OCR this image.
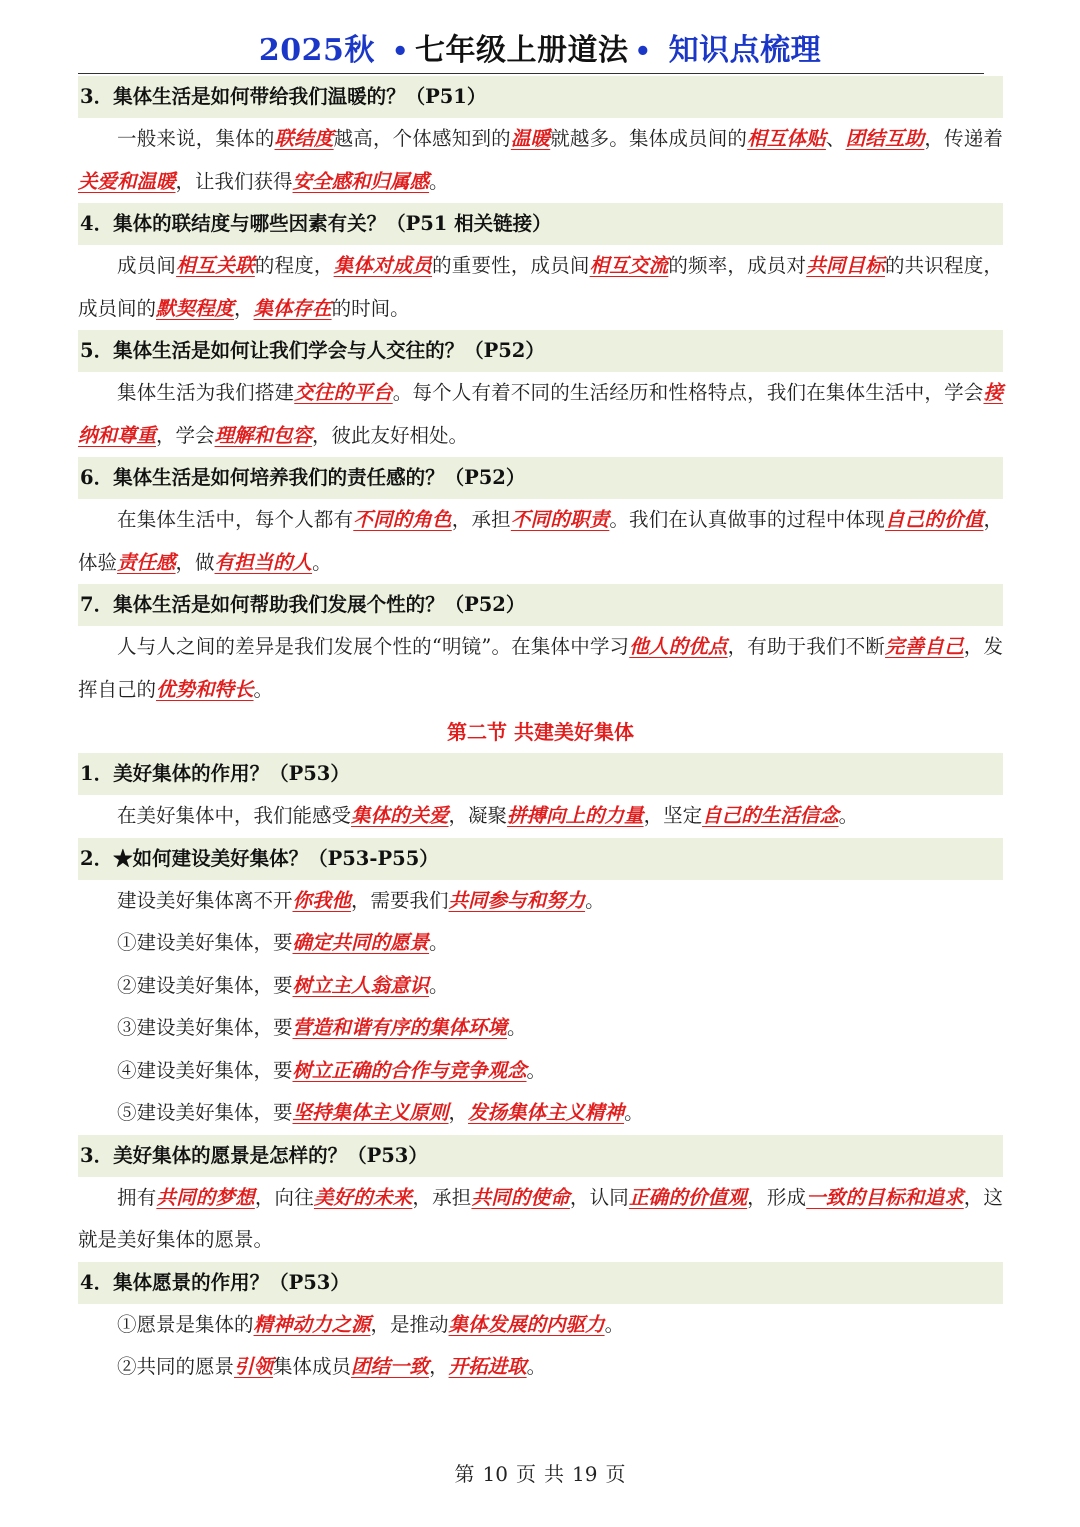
2025秋 • 七年级上册道法 • 知识点梳理
3．集体生活是如何带给我们温暖的？（P51）
一般来说，集体的联结度越高，个体感知到的温暖就越多。集体成员间的相互体贴、团结互助，传递着关爱和温暖，让我们获得安全感和归属感。
4．集体的联结度与哪些因素有关？（P51 相关链接）
成员间相互关联的程度，集体对成员的重要性，成员间相互交流的频率，成员对共同目标的共识程度，成员间的默契程度，集体存在的时间。
5．集体生活是如何让我们学会与人交往的？（P52）
集体生活为我们搭建交往的平台。每个人有着不同的生活经历和性格特点，我们在集体生活中，学会接纳和尊重，学会理解和包容，彼此友好相处。
6．集体生活是如何培养我们的责任感的？（P52）
在集体生活中，每个人都有不同的角色，承担不同的职责。我们在认真做事的过程中体现自己的价值，体验责任感，做有担当的人。
7．集体生活是如何帮助我们发展个性的？（P52）
人与人之间的差异是我们发展个性的“明镜”。在集体中学习他人的优点，有助于我们不断完善自己，发挥自己的优势和特长。
第二节 共建美好集体
1．美好集体的作用？（P53）
在美好集体中，我们能感受集体的关爱，凝聚拼搏向上的力量，坚定自己的生活信念。
2．★如何建设美好集体？（P53-P55）
建设美好集体离不开你我他，需要我们共同参与和努力。
①建设美好集体，要确定共同的愿景。
②建设美好集体，要树立主人翁意识。
③建设美好集体，要营造和谐有序的集体环境。
④建设美好集体，要树立正确的合作与竞争观念。
⑤建设美好集体，要坚持集体主义原则，发扬集体主义精神。
3．美好集体的愿景是怎样的？（P53）
拥有共同的梦想，向往美好的未来，承担共同的使命，认同正确的价值观，形成一致的目标和追求，这就是美好集体的愿景。
4．集体愿景的作用？（P53）
①愿景是集体的精神动力之源，是推动集体发展的内驱力。
②共同的愿景引领集体成员团结一致，开拓进取。
第 10 页 共 19 页
